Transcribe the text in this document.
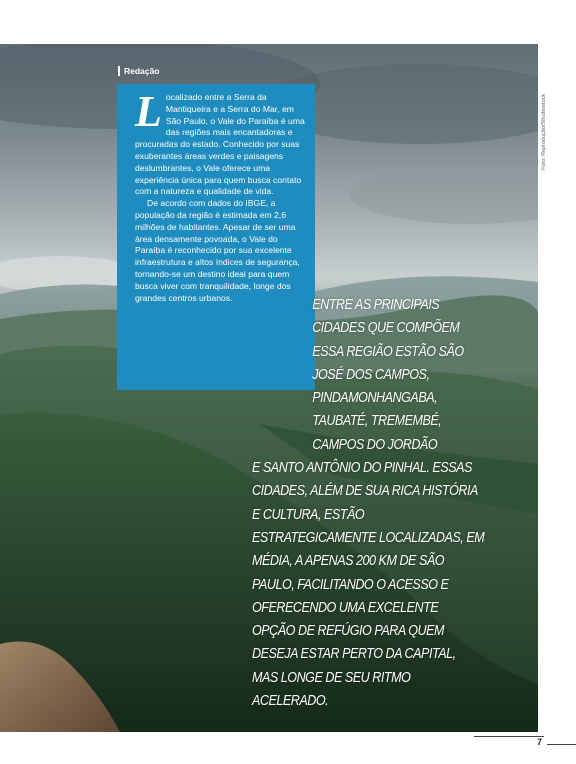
Foto: Reprodução/Shutterstock
Redação
L ocalizado entre a Serra da Mantiqueira e a Serra do Mar, em São Paulo, o Vale do Paraíba é uma das regiões mais encantadoras e procuradas do estado. Conhecido por suas exuberantes áreas verdes e paisagens deslumbrantes, o Vale oferece uma experiência única para quem busca contato com a natureza e qualidade de vida.

De acordo com dados do IBGE, a população da região é estimada em 2,6 milhões de habitantes. Apesar de ser uma área densamente povoada, o Vale do Paraíba é reconhecido por sua excelente infraestrutura e altos índices de segurança, tornando-se um destino ideal para quem busca viver com tranquilidade, longe dos grandes centros urbanos.	ENTRE AS PRINCIPAIS CIDADES QUE COMPÕEM ESSA REGIÃO ESTÃO SÃO JOSÉ DOS CAMPOS, PINDAMONHANGABA, TAUBATÉ, TREMEMBÉ, CAMPOS DO JORDÃO
E SANTO ANTÔNIO DO PINHAL. ESSAS CIDADES, ALÉM DE SUA RICA HISTÓRIA E CULTURA, ESTÃO ESTRATEGICAMENTE LOCALIZADAS, EM MÉDIA, A APENAS 200 KM DE SÃO PAULO, FACILITANDO O ACESSO E OFERECENDO UMA EXCELENTE OPÇÃO DE REFÚGIO PARA QUEM DESEJA ESTAR PERTO DA CAPITAL, MAS LONGE DE SEU RITMO ACELERADO.
7
